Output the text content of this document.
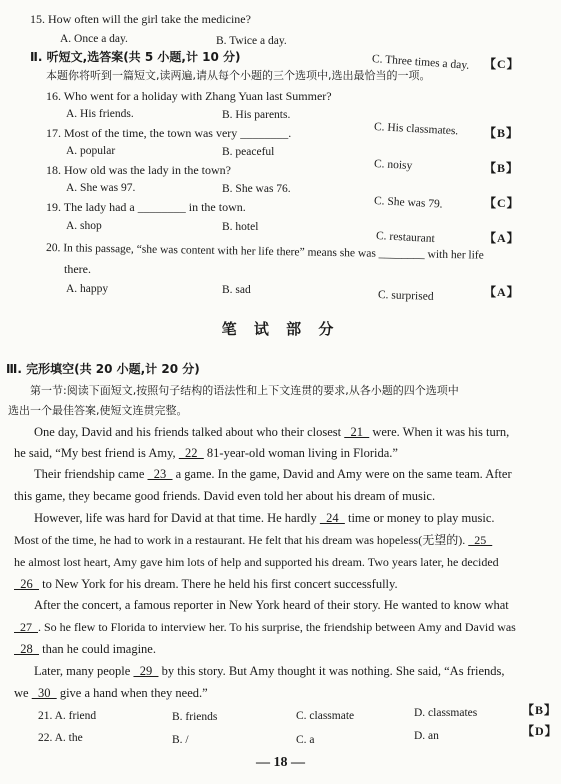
15. How often will the girl take the medicine?
A. Once a day.	B. Twice a day.
C. Three times a day. 【C】
Ⅱ. 听短文,选答案(共 5 小题,计 10 分)
本题你将听到一篇短文,读两遍,请从每个小题的三个选项中,选出最恰当的一项。
16. Who went for a holiday with Zhang Yuan last Summer?
A. His friends.	B. His parents.
C. His classmates. 【B】
17. Most of the time, the town was very ________.
A. popular	B. peaceful
C. noisy	【B】
18. How old was the lady in the town?
A. She was 97.	B. She was 76.
C. She was 79.	【C】
19. The lady had a ________ in the town.
A. shop	B. hotel
C. restaurant	【A】
20. In this passage, “she was content with her life there” means she was ________ with her life
there.
A. happy	B. sad	C. surprised	【A】
笔 试 部 分
Ⅲ. 完形填空(共 20 小题,计 20 分)
第一节:阅读下面短文,按照句子结构的语法性和上下文连贯的要求,从各小题的四个选项中
选出一个最佳答案,使短文连贯完整。
One day, David and his friends talked about who their closest   21   were. When it was his turn,
he said, “My best friend is Amy,   22   81-year-old woman living in Florida.”
Their friendship came   23   a game. In the game, David and Amy were on the same team. After
this game, they became good friends. David even told her about his dream of music.
However, life was hard for David at that time. He hardly   24   time or money to play music.
Most of the time, he had to work in a restaurant. He felt that his dream was hopeless(无望的).   25
he almost lost heart, Amy gave him lots of help and supported his dream. Two years later, he decided
26   to New York for his dream. There he held his first concert successfully.
After the concert, a famous reporter in New York heard of their story. He wanted to know what
27  . So he flew to Florida to interview her. To his surprise, the friendship between Amy and David was
28   than he could imagine.
Later, many people   29   by this story. But Amy thought it was nothing. She said, “As friends,
we   30   give a hand when they need.”
21. A. friend	B. friends	C. classmate	D. classmates	【B】
22. A. the	B. /	C. a	D. an	【D】
— 18 —
